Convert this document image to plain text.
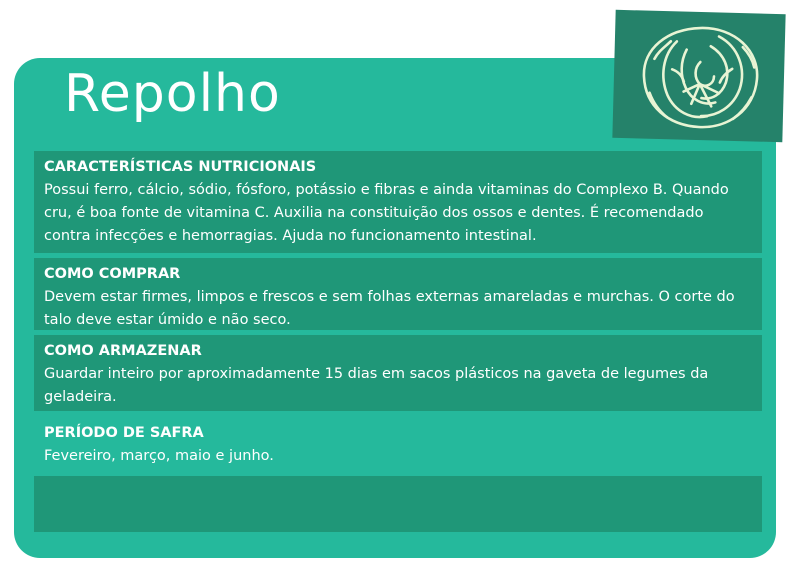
Repolho
CARACTERÍSTICAS NUTRICIONAIS

Possui ferro, cálcio, sódio, fósforo, potássio e fibras e ainda vitaminas do Complexo B. Quando cru, é boa fonte de vitamina C. Auxilia na constituição dos ossos e dentes. É recomendado contra infecções e hemorragias. Ajuda no funcionamento intestinal.

COMO COMPRAR

Devem estar firmes, limpos e frescos e sem folhas externas amareladas e murchas. O corte do talo deve estar úmido e não seco.

COMO ARMAZENAR

Guardar inteiro por aproximadamente 15 dias em sacos plásticos na gaveta de legumes da geladeira.

PERÍODO DE SAFRA

Fevereiro, março, maio e junho.
